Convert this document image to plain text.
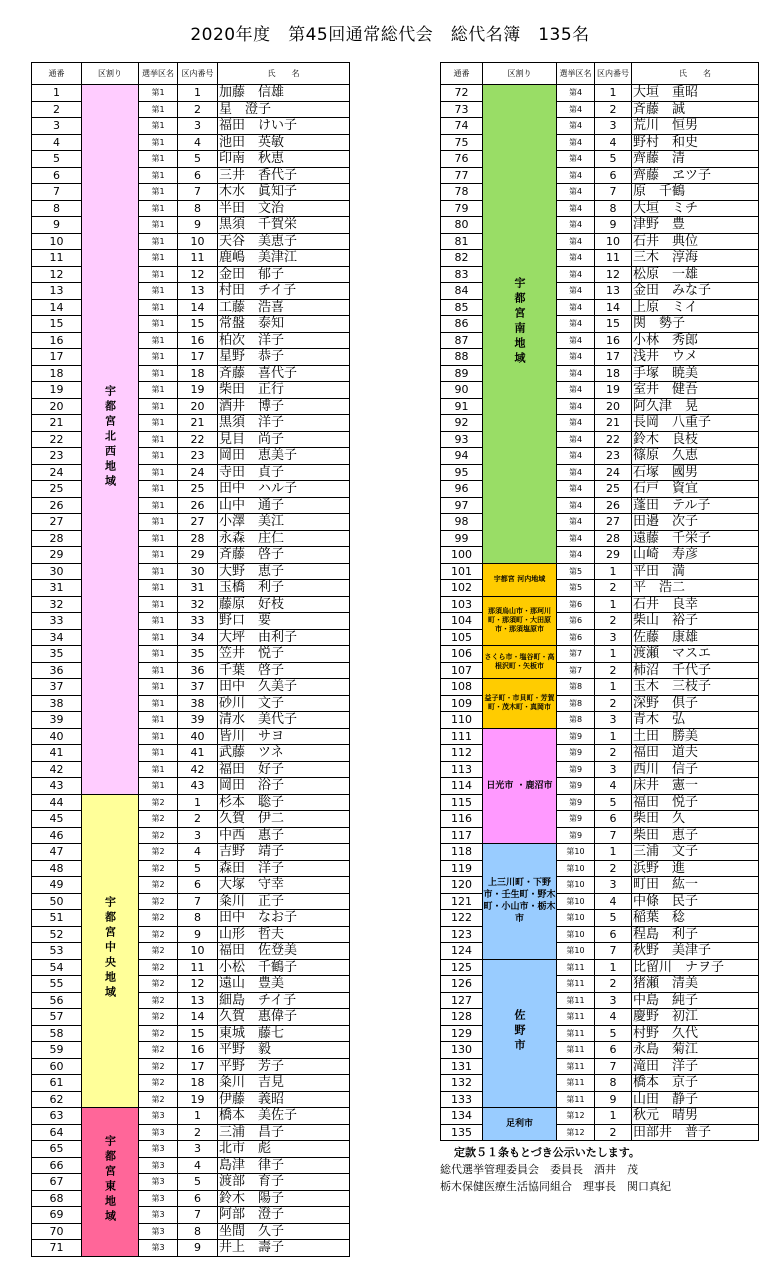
2020年度　第45回通常総代会　総代名簿　135名
通番	区割り	選挙区名	区内番号	氏　　名
1	宇都宮北西地域	第1	1	加藤　信雄
2		第1	2	星　澄子
3		第1	3	福田　けい子
4		第1	4	池田　英敏
5		第1	5	印南　秋恵
6		第1	6	三井　香代子
7		第1	7	木水　眞知子
8		第1	8	半田　文治
9		第1	9	黒須　千賀栄
10		第1	10	天谷　美恵子
11		第1	11	鹿嶋　美津江
12		第1	12	金田　郁子
13		第1	13	村田　チイ子
14		第1	14	工藤　浩喜
15		第1	15	常盤　泰知
16		第1	16	柏次　洋子
17		第1	17	星野　恭子
18		第1	18	斉藤　喜代子
19		第1	19	柴田　正行
20		第1	20	酒井　博子
21		第1	21	黒須　洋子
22		第1	22	見目　尚子
23		第1	23	岡田　恵美子
24		第1	24	寺田　貞子
25		第1	25	田中　ハル子
26		第1	26	山中　通子
27		第1	27	小澤　美江
28		第1	28	永森　庄仁
29		第1	29	斉藤　啓子
30		第1	30	大野　恵子
31		第1	31	玉橋　利子
32		第1	32	藤原　好枝
33		第1	33	野口　要
34		第1	34	大坪　由利子
35		第1	35	笠井　悦子
36		第1	36	千葉　啓子
37		第1	37	田中　久美子
38		第1	38	砂川　文子
39		第1	39	清水　美代子
40		第1	40	皆川　サヨ
41		第1	41	武藤　ツネ
42		第1	42	福田　好子
43		第1	43	岡田　浴子
44	宇都宮中央地域	第2	1	杉本　聡子
45		第2	2	久賀　伊二
46		第2	3	中西　惠子
47		第2	4	吉野　靖子
48		第2	5	森田　洋子
49		第2	6	大塚　守幸
50		第2	7	粂川　正子
51		第2	8	田中　なお子
52		第2	9	山形　哲夫
53		第2	10	福田　佐登美
54		第2	11	小松　千鶴子
55		第2	12	遠山　豊美
56		第2	13	細島　チイ子
57		第2	14	久賀　惠偉子
58		第2	15	東城　藤七
59		第2	16	平野　毅
60		第2	17	平野　芳子
61		第2	18	粂川　吉見
62		第2	19	伊藤　義昭
63	宇都宮東地域	第3	1	橋本　美佐子
64		第3	2	三浦　昌子
65		第3	3	北市　彪
66		第3	4	島津　律子
67		第3	5	渡部　育子
68		第3	6	鈴木　陽子
69		第3	7	阿部　澄子
70		第3	8	坐間　久子
71		第3	9	井上　壽子
通番	区割り	選挙区名	区内番号	氏　　名
72	宇都宮南地域	第4	1	大垣　重昭
73		第4	2	斉藤　誠
74		第4	3	荒川　恒男
75		第4	4	野村　和史
76		第4	5	齊藤　清
77		第4	6	齊藤　ヱツ子
78		第4	7	原　千鶴
79		第4	8	大垣　ミチ
80		第4	9	津野　豊
81		第4	10	石井　典位
82		第4	11	三木　淳海
83		第4	12	松原　一雄
84		第4	13	金田　みな子
85		第4	14	上原　ミイ
86		第4	15	関　勢子
87		第4	16	小林　秀郎
88		第4	17	浅井　ウメ
89		第4	18	手塚　暁美
90		第4	19	室井　健吾
91		第4	20	阿久津　晃
92		第4	21	長岡　八重子
93		第4	22	鈴木　良枝
94		第4	23	篠原　久恵
95		第4	24	石塚　國男
96		第4	25	石戸　資宜
97		第4	26	蓬田　テル子
98		第4	27	田邉　次子
99		第4	28	遠藤　千栄子
100		第4	29	山崎　寿彦
101	宇都宮 河内地域	第5	1	平田　満
102		第5	2	平　浩二
103	那須烏山市・那珂川町・那須町・大田原市・那須塩原市	第6	1	石井　良幸
104		第6	2	柴山　裕子
105		第6	3	佐藤　康雄
106	さくら市・塩谷町・高根沢町・矢板市	第7	1	渡瀬　マスエ
107		第7	2	柿沼　千代子
108	益子町・市貝町・芳賀町・茂木町・真岡市	第8	1	玉木　三枝子
109		第8	2	深野　倶子
110		第8	3	青木　弘
111	日光市 ・鹿沼市	第9	1	土田　勝美
112		第9	2	福田　道夫
113		第9	3	西川　信子
114		第9	4	床井　憲一
115		第9	5	福田　悦子
116		第9	6	柴田　久
117		第9	7	柴田　恵子
118	上三川町・下野市・壬生町・野木町・小山市・栃木市	第10	1	三浦　文子
119		第10	2	浜野　進
120		第10	3	町田　紘一
121		第10	4	中條　民子
122		第10	5	稲葉　稔
123		第10	6	程島　利子
124		第10	7	秋野　美津子
125	佐野市	第11	1	比留川　ナヲ子
126		第11	2	猪瀬　清美
127		第11	3	中島　純子
128		第11	4	慶野　初江
129		第11	5	村野　久代
130		第11	6	永島　菊江
131		第11	7	滝田　洋子
132		第11	8	橋本　京子
133		第11	9	山田　静子
134	足利市	第12	1	秋元　晴男
135		第12	2	田部井　普子
定款５１条もとづき公示いたします。
総代選挙管理委員会　委員長　酒井　茂
栃木保健医療生活協同組合　理事長　関口真紀
